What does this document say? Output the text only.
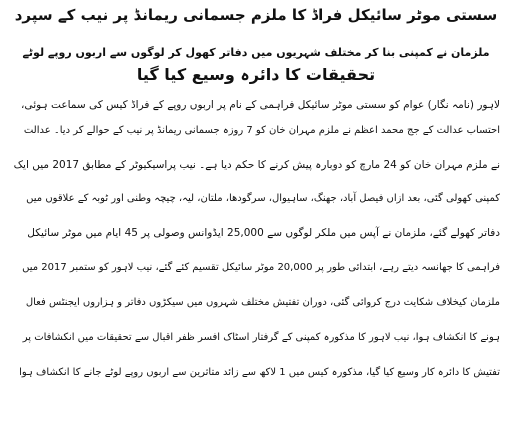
سستی موٹر سائیکل فراڈ کا ملزم جسمانی ریمانڈ پر نیب کے سپرد
ملزمان نے کمپنی بنا کر مختلف شہریوں میں دفاتر کھول کر لوگوں سے اربوں روپے لوٹے
تحقیقات کا دائرہ وسیع کیا گیا
لاہور (نامہ نگار) عوام کو سستی موٹر سائیکل فراہمی کے نام پر اربوں روپے کے فراڈ کیس کی سماعت ہوئی،
احتساب عدالت کے جج محمد اعظم نے ملزم مہران خان کو 7 روزہ جسمانی ریمانڈ پر نیب کے حوالے کر دیا۔ عدالت
نے ملزم مہران خان کو 24 مارچ کو دوبارہ پیش کرنے کا حکم دیا ہے۔ نیب پراسیکیوٹر کے مطابق 2017 میں ایک
کمپنی کھولی گئی، بعد ازاں فیصل آباد، جھنگ، ساہیوال، سرگودھا، ملتان، لیہ، چیچہ وطنی اور ٹوبہ کے علاقوں میں
دفاتر کھولے گئے، ملزمان نے آپس میں ملکر لوگوں سے 25,000 ایڈوانس وصولی پر 45 ایام میں موٹر سائیکل
فراہمی کا جھانسہ دیتے رہے، ابتدائی طور پر 20,000 موٹر سائیکل تقسیم کئے گئے، نیب لاہور کو ستمبر 2017 میں
ملزمان کیخلاف شکایت درج کروائی گئی، دوران تفتیش مختلف شہروں میں سیکڑوں دفاتر و ہزاروں ایجنٹس فعال
ہونے کا انکشاف ہوا، نیب لاہور کا مذکورہ کمپنی کے گرفتار اسٹاک افسر ظفر اقبال سے تحقیقات میں انکشافات پر
تفتیش کا دائرہ کار وسیع کیا گیا، مذکورہ کیس میں 1 لاکھ سے زائد متاثرین سے اربوں روپے لوٹے جانے کا انکشاف ہوا
